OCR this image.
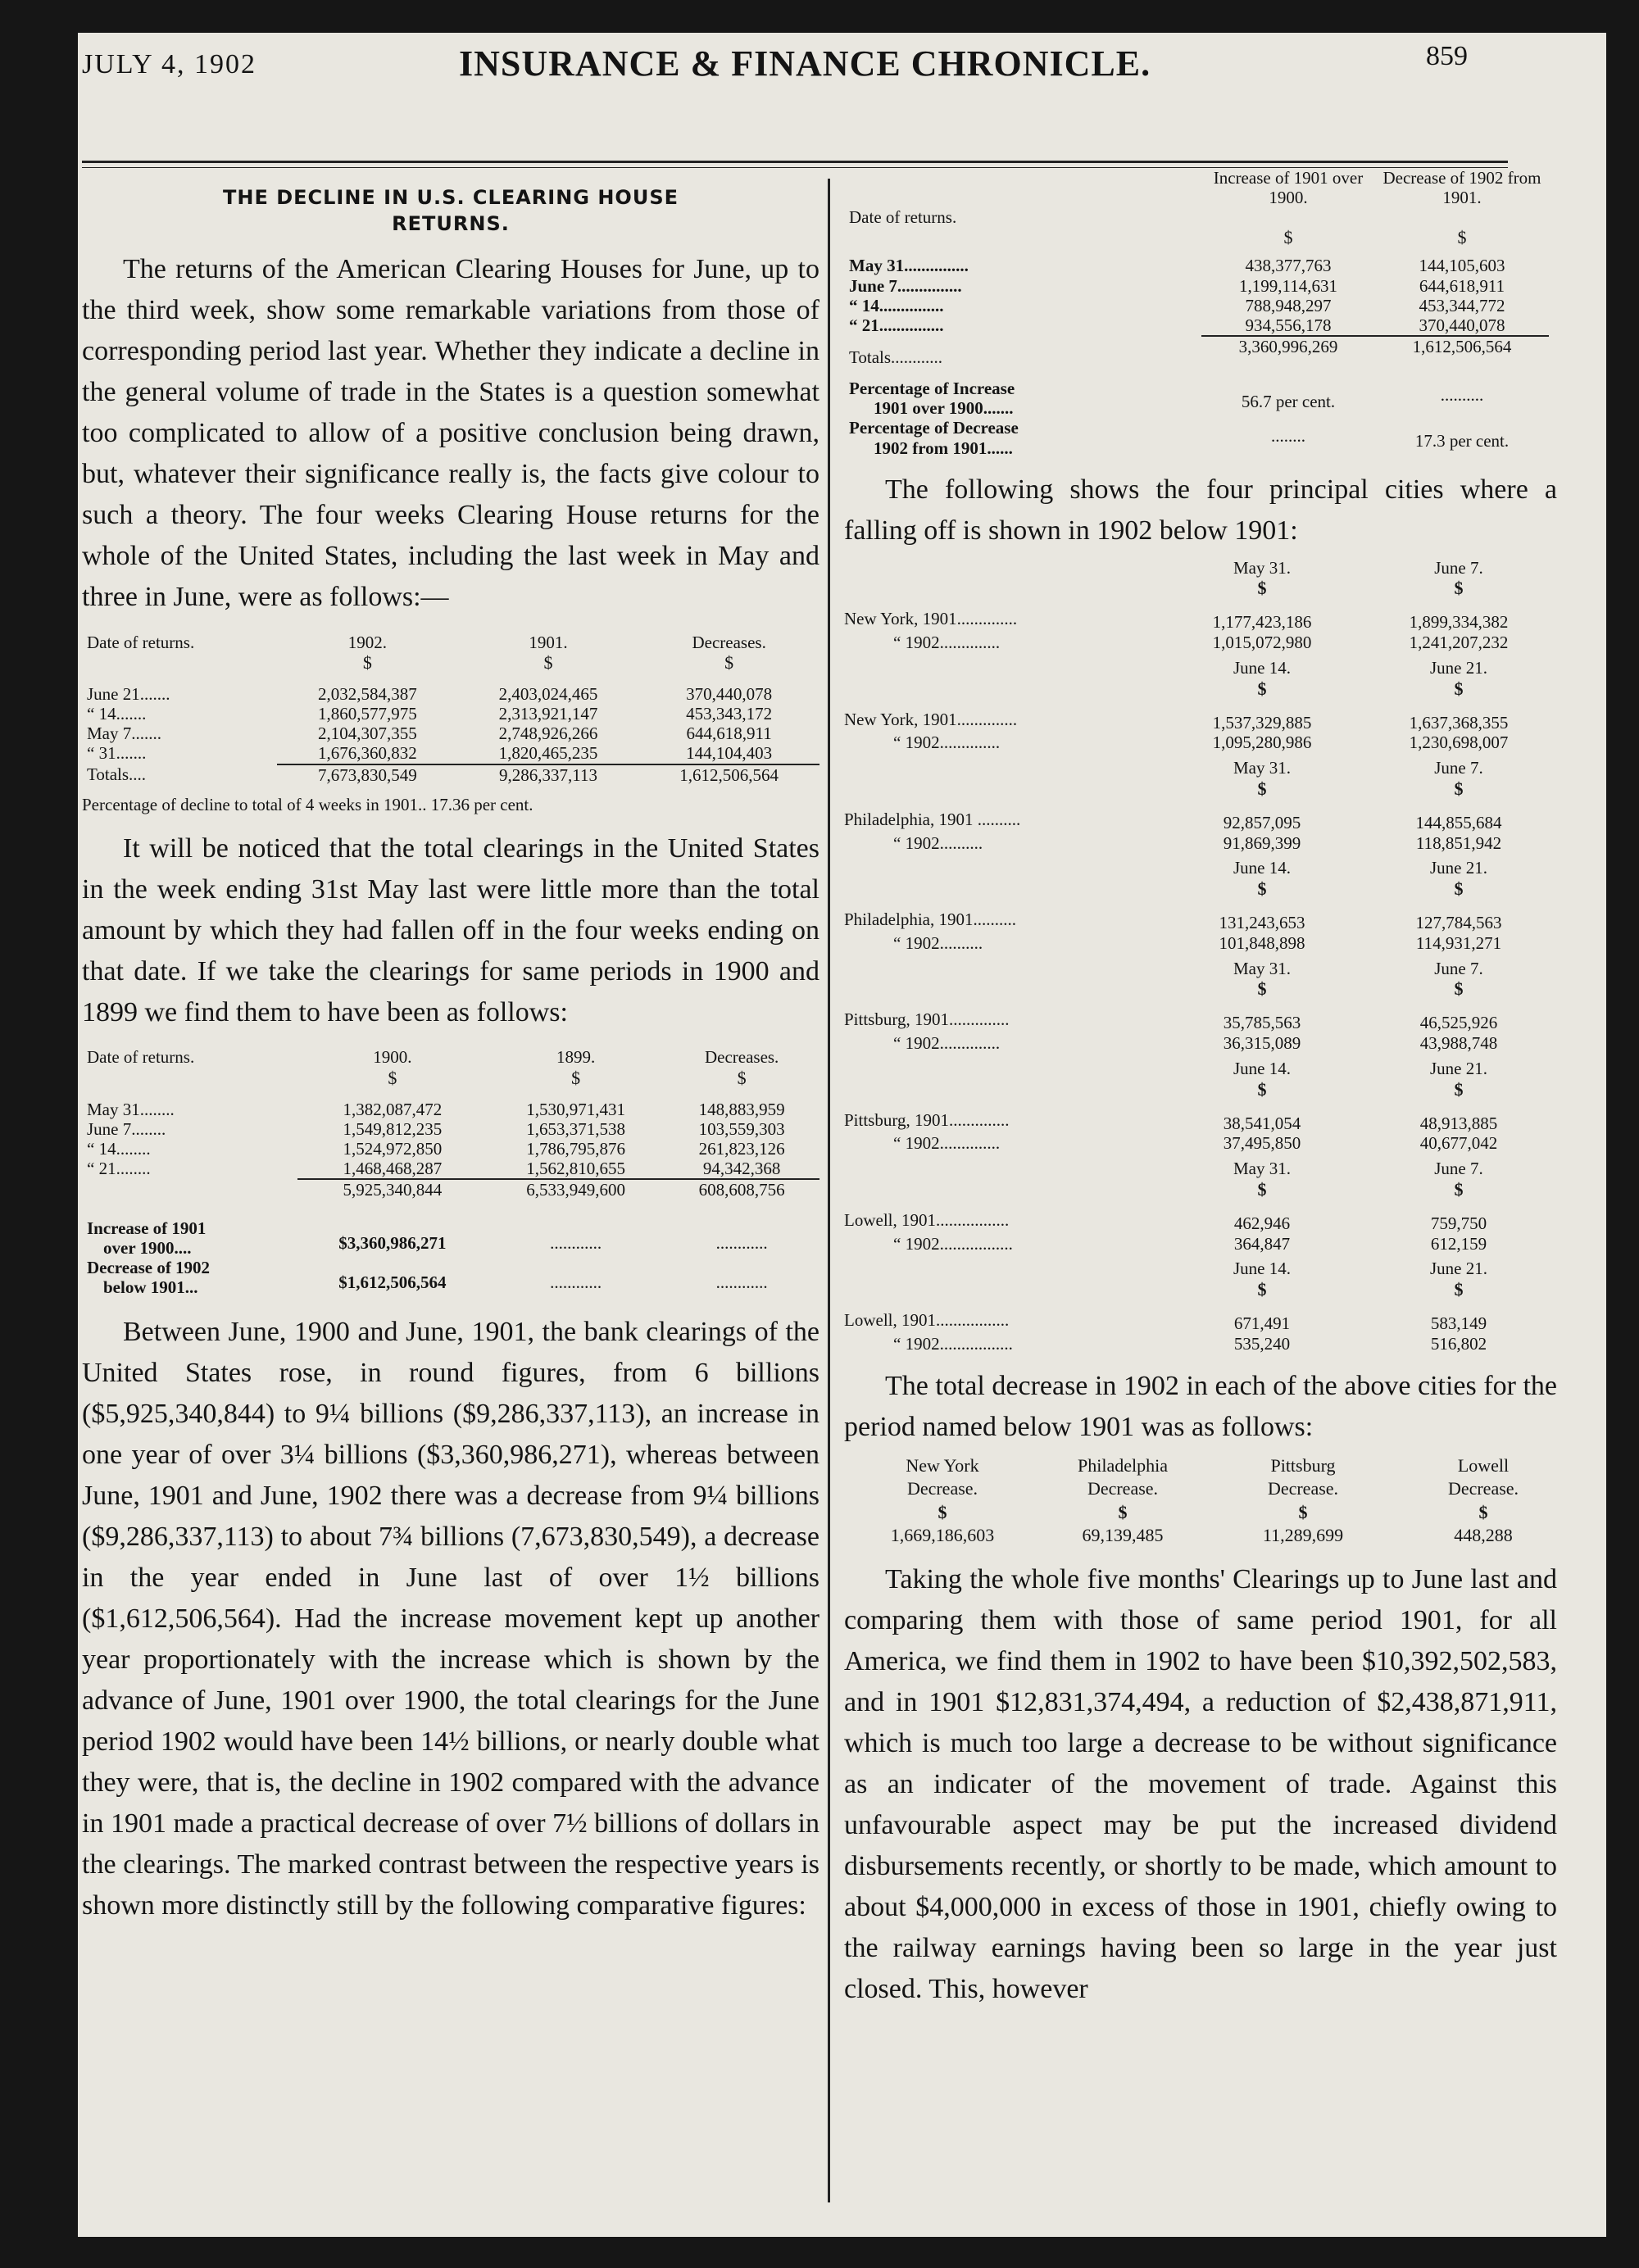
JULY 4, 1902	INSURANCE & FINANCE CHRONICLE.	859
THE DECLINE IN U.S. CLEARING HOUSE
RETURNS.

The returns of the American Clearing Houses for June, up to the third week, show some remarkable variations from those of corresponding period last year. Whether they indicate a decline in the general volume of trade in the States is a question somewhat too complicated to allow of a positive conclusion being drawn, but, whatever their significance really is, the facts give colour to such a theory. The four weeks Clearing House returns for the whole of the United States, including the last week in May and three in June, were as follows:—

Date of returns.	1902.	1901.	Decreases.
	$	$	$

June 21.......	2,032,584,387	2,403,024,465	370,440,078
“ 14.......	1,860,577,975	2,313,921,147	453,343,172
May 7.......	2,104,307,355	2,748,926,266	644,618,911
“ 31.......	1,676,360,832	1,820,465,235	144,104,403
Totals....	7,673,830,549	9,286,337,113	1,612,506,564
Percentage of decline to total of 4 weeks in 1901.. 17.36 per cent.

It will be noticed that the total clearings in the United States in the week ending 31st May last were little more than the total amount by which they had fallen off in the four weeks ending on that date. If we take the clearings for same periods in 1900 and 1899 we find them to have been as follows:

Date of returns.	1900.	1899.	Decreases.
	$	$	$

May 31........	1,382,087,472	1,530,971,431	148,883,959
June 7........	1,549,812,235	1,653,371,538	103,559,303
“ 14........	1,524,972,850	1,786,795,876	261,823,126
“ 21........	1,468,468,287	1,562,810,655	94,342,368
	5,925,340,844	6,533,949,600	608,608,756

Increase of 1901
over 1900....	$3,360,986,271	............	............

Decrease of 1902
below 1901...	$1,612,506,564	............	............

Between June, 1900 and June, 1901, the bank clearings of the United States rose, in round figures, from 6 billions ($5,925,340,844) to 9¼ billions ($9,286,337,113), an increase in one year of over 3¼ billions ($3,360,986,271), whereas between June, 1901 and June, 1902 there was a decrease from 9¼ billions ($9,286,337,113) to about 7¾ billions (7,673,830,549), a decrease in the year ended in June last of over 1½ billions ($1,612,506,564). Had the increase movement kept up another year proportionately with the increase which is shown by the advance of June, 1901 over 1900, the total clearings for the June period 1902 would have been 14½ billions, or nearly double what they were, that is, the decline in 1902 compared with the advance in 1901 made a practical decrease of over 7½ billions of dollars in the clearings. The marked contrast between the respective years is shown more distinctly still by the following comparative figures:

Date of returns.	Increase of 1901 over 1900.	Decrease of 1902 from 1901.
	$	$

May 31...............	438,377,763	144,105,603
June 7...............	1,199,114,631	644,618,911
“ 14...............	788,948,297	453,344,772
“ 21...............	934,556,178	370,440,078
Totals............	3,360,996,269	1,612,506,564

Percentage of Increase
1901 over 1900.......	56.7 per cent.	..........

Percentage of Decrease
1902 from 1901......	........	17.3 per cent.

The following shows the four principal cities where a falling off is shown in 1902 below 1901:

May 31.	June 7.
$	$
New York, 1901..............	1,177,423,186	1,899,334,382
“ 1902..............	1,015,072,980	1,241,207,232
June 14.	June 21.
$	$
New York, 1901..............	1,537,329,885	1,637,368,355
“ 1902..............	1,095,280,986	1,230,698,007
May 31.	June 7.
$	$
Philadelphia, 1901 ..........	92,857,095	144,855,684
“ 1902..........	91,869,399	118,851,942
June 14.	June 21.
$	$
Philadelphia, 1901..........	131,243,653	127,784,563
“ 1902..........	101,848,898	114,931,271
May 31.	June 7.
$	$
Pittsburg, 1901..............	35,785,563	46,525,926
“ 1902..............	36,315,089	43,988,748
June 14.	June 21.
$	$
Pittsburg, 1901..............	38,541,054	48,913,885
“ 1902..............	37,495,850	40,677,042
May 31.	June 7.
$	$
Lowell, 1901.................	462,946	759,750
“ 1902.................	364,847	612,159
June 14.	June 21.
$	$
Lowell, 1901.................	671,491	583,149
“ 1902.................	535,240	516,802

The total decrease in 1902 in each of the above cities for the period named below 1901 was as follows:

New York	Philadelphia	Pittsburg	Lowell
Decrease.	Decrease.	Decrease.	Decrease.
$	$	$	$
1,669,186,603	69,139,485	11,289,699	448,288

Taking the whole five months' Clearings up to June last and comparing them with those of same period 1901, for all America, we find them in 1902 to have been $10,392,502,583, and in 1901 $12,831,374,494, a reduction of $2,438,871,911, which is much too large a decrease to be without significance as an indicater of the movement of trade. Against this unfavourable aspect may be put the increased dividend disbursements recently, or shortly to be made, which amount to about $4,000,000 in excess of those in 1901, chiefly owing to the railway earnings having been so large in the year just closed. This, however
